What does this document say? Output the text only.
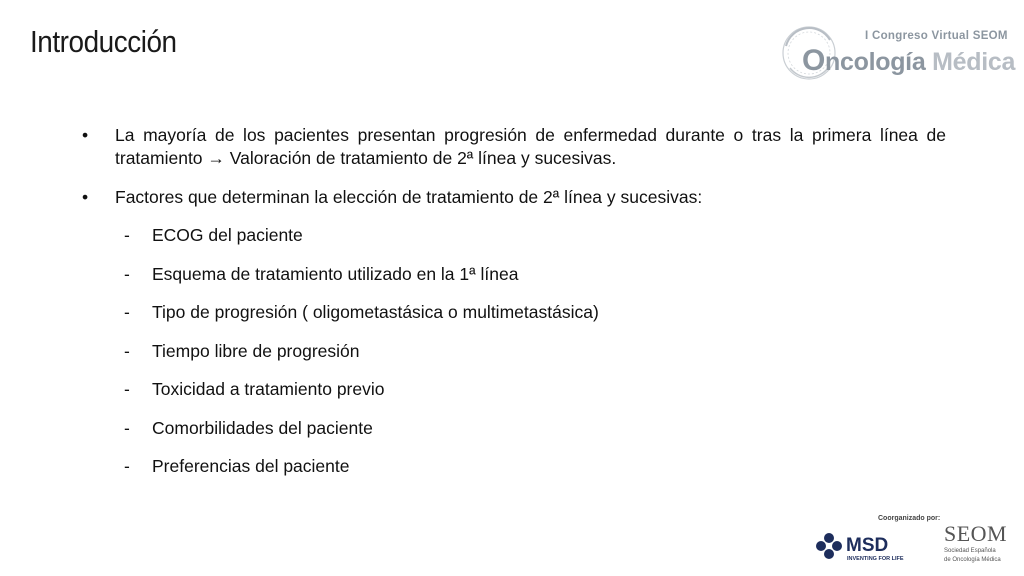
Introducción	I Congreso Virtual SEOM
Oncología Médica
• La mayoría de los pacientes presentan progresión de enfermedad durante o tras la primera línea de tratamiento → Valoración de tratamiento de 2ª línea y sucesivas.
• Factores que determinan la elección de tratamiento de 2ª línea y sucesivas:
- ECOG del paciente
- Esquema de tratamiento utilizado en la 1ª línea
- Tipo de progresión ( oligometastásica o multimetastásica)
- Tiempo libre de progresión
- Toxicidad a tratamiento previo
- Comorbilidades del paciente
- Preferencias del paciente
Coorganizado por:
MSD
INVENTING FOR LIFE
SEOM
Sociedad Española
de Oncología Médica
